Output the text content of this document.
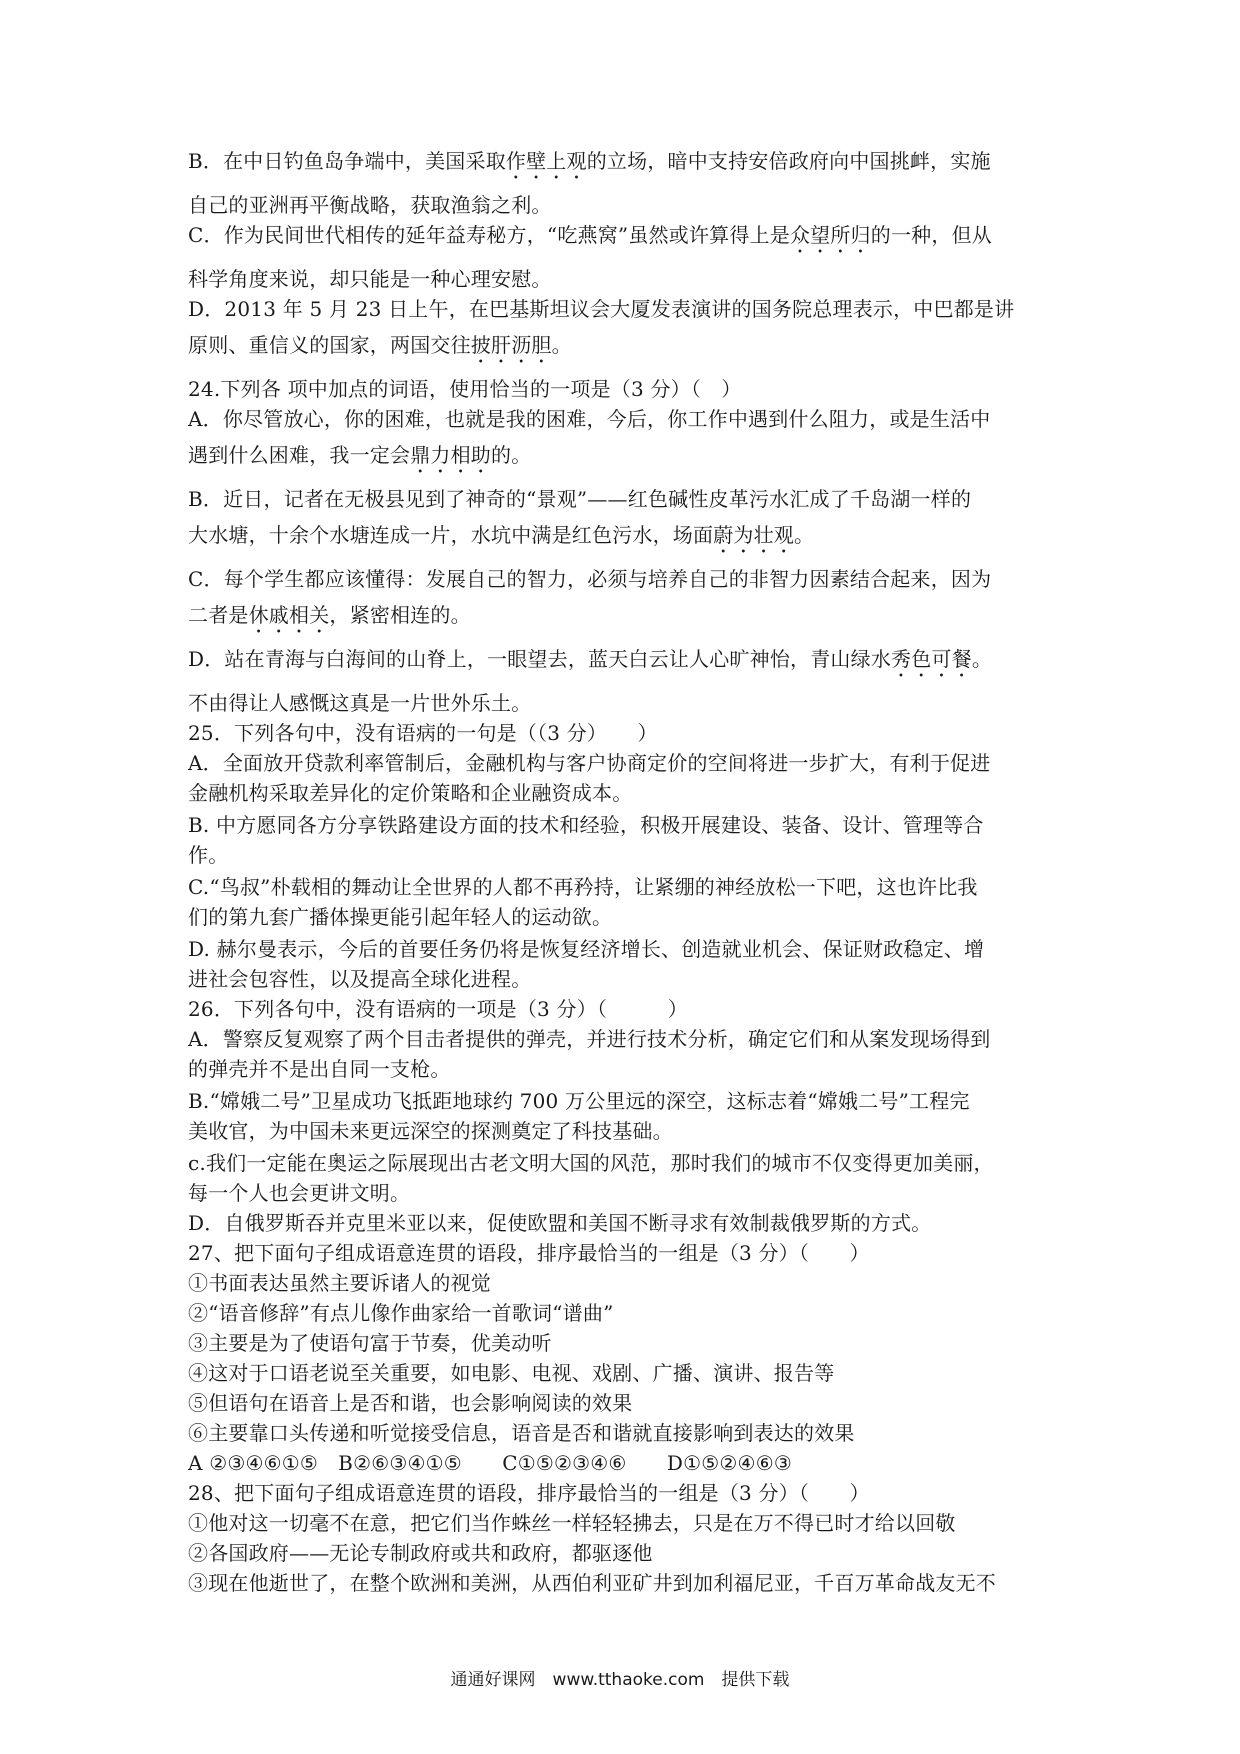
B．在中日钓鱼岛争端中，美国采取作壁上观的立场，暗中支持安倍政府向中国挑衅，实施
自己的亚洲再平衡战略，获取渔翁之利。
C．作为民间世代相传的延年益寿秘方，“吃燕窝”虽然或许算得上是众望所归的一种，但从
科学角度来说，却只能是一种心理安慰。
D．2013 年 5 月 23 日上午，在巴基斯坦议会大厦发表演讲的国务院总理表示，中巴都是讲
原则、重信义的国家，两国交往披肝沥胆。
24.下列各 项中加点的词语，使用恰当的一项是（3 分）（　）
A．你尽管放心，你的困难，也就是我的困难，今后，你工作中遇到什么阻力，或是生活中
遇到什么困难，我一定会鼎力相助的。
B．近日，记者在无极县见到了神奇的“景观”——红色碱性皮革污水汇成了千岛湖一样的
大水塘，十余个水塘连成一片，水坑中满是红色污水，场面蔚为壮观。
C．每个学生都应该懂得：发展自己的智力，必须与培养自己的非智力因素结合起来，因为
二者是休戚相关，紧密相连的。
D．站在青海与白海间的山脊上，一眼望去，蓝天白云让人心旷神怡，青山绿水秀色可餐。
不由得让人感慨这真是一片世外乐土。
25．下列各句中，没有语病的一句是（（3 分）　　）
A．全面放开贷款利率管制后，金融机构与客户协商定价的空间将进一步扩大，有利于促进
金融机构采取差异化的定价策略和企业融资成本。
B. 中方愿同各方分享铁路建设方面的技术和经验，积极开展建设、装备、设计、管理等合
作。
C.“鸟叔”朴载相的舞动让全世界的人都不再矜持，让紧绷的神经放松一下吧，这也许比我
们的第九套广播体操更能引起年轻人的运动欲。
D. 赫尔曼表示，今后的首要任务仍将是恢复经济增长、创造就业机会、保证财政稳定、增
进社会包容性，以及提高全球化进程。
26．下列各句中，没有语病的一项是（3 分）（　　　）
A．警察反复观察了两个目击者提供的弹壳，并进行技术分析，确定它们和从案发现场得到
的弹壳并不是出自同一支枪。
B.“嫦娥二号”卫星成功飞抵距地球约 700 万公里远的深空，这标志着“嫦娥二号”工程完
美收官，为中国未来更远深空的探测奠定了科技基础。
c.我们一定能在奥运之际展现出古老文明大国的风范，那时我们的城市不仅变得更加美丽，
每一个人也会更讲文明。
D．自俄罗斯吞并克里米亚以来，促使欧盟和美国不断寻求有效制裁俄罗斯的方式。
27、把下面句子组成语意连贯的语段，排序最恰当的一组是（3 分）（　　）
①书面表达虽然主要诉诸人的视觉
②“语音修辞”有点儿像作曲家给一首歌词“谱曲”
③主要是为了使语句富于节奏，优美动听
④这对于口语老说至关重要，如电影、电视、戏剧、广播、演讲、报告等
⑤但语句在语音上是否和谐，也会影响阅读的效果
⑥主要靠口头传递和听觉接受信息，语音是否和谐就直接影响到表达的效果
A ②③④⑥①⑤　B②⑥③④①⑤　　C①⑤②③④⑥　　D①⑤②④⑥③
28、把下面句子组成语意连贯的语段，排序最恰当的一组是（3 分）（　　）
①他对这一切毫不在意，把它们当作蛛丝一样轻轻拂去，只是在万不得已时才给以回敬
②各国政府——无论专制政府或共和政府，都驱逐他
③现在他逝世了，在整个欧洲和美洲，从西伯利亚矿井到加利福尼亚，千百万革命战友无不
通通好课网　www.tthaoke.com　提供下载
